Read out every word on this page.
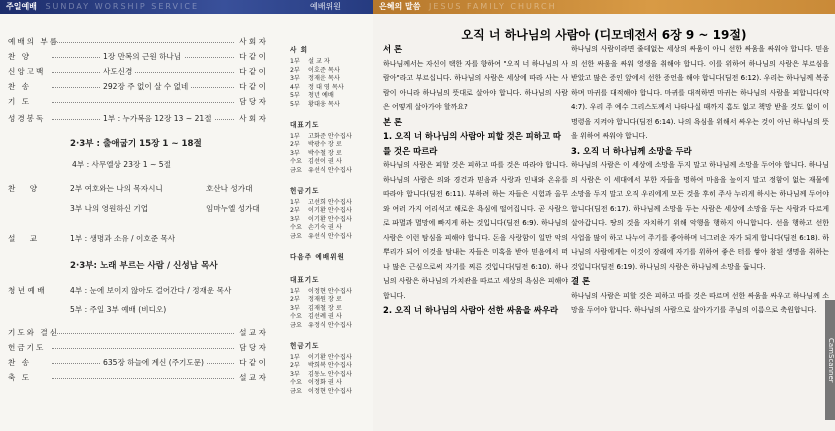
주일예배 SUNDAY WORSHIP SERVICE	예배위원
예배의 부름	사 회 자
찬 양	1장 만복의 근원 하나님	다 같 이
신앙고백	사도신경	다 같 이
찬 송	292장 주 없이 살 수 없네	다 같 이
기 도	담 당 자
성경봉독	1부 : 누가복음 12장 13 ~ 21절	사 회 자
2·3부 : 출애굽기 15장 1 ~ 18절
4부 : 사무엘상 23장 1 ~ 5절
찬 양	2부 여호와는 나의 목자시니	호산나 성가대
3부 나의 영원하신 기업	임마누엘 성가대
설 교	1부 : 생명과 소유 / 이호준 목사
2·3부: 노래 부르는 사람 / 신성남 목사
청 년 예 배	4부 : 눈에 보이지 않아도 걸어간다 / 정재운 목사
5부 : 주일 3부 예배 (비디오)
기도와 결신	설 교 자
헌금기도	담 당 자
찬 송	635장 하늘에 계신 (주기도문)	다 같 이
축 도	설 교 자
사 회
1부 설 교 자
2부 이호준 목사
3부 정재운 목사
4부 정 대 영 목사
5부 청년 예배
5부 황대웅 목사
대표기도
1부 고화준 안수집사
2부 박광수 장 로
3부 박수철 장 로
수요 김선이 권 사
금요 유선식 안수집사
헌금기도
1부 고선희 안수집사
2부 이기환 안수집사
3부 이기환 안수집사
수요 손기숙 권 사
금요 유선식 안수집사
다음주 예배위원
대표기도
1부 이정현 안수집사
2부 정재원 장 로
3부 김재철 장 로
수요 김선례 권 사
금요 유정식 안수집사
헌금기도
1부 이기환 안수집사
2부 박희복 안수집사
3부 김동노 안수집사
수요 이정화 권 사
금요 이정현 안수집사
은혜의 말씀 JESUS FAMILY CHURCH
오직 너 하나님의 사람아 (디모데전서 6장 9 ~ 19절)
서 론
하나님께서는 자신이 택한 자를 향하여 "오직 너 하나님의 사람아"라고 부르십니다. 하나님의 사람은 세상에 따라 사는 사람이 아니라 하나님의 뜻대로 살아야 합니다. 하나님의 사람은 어떻게 살아가야 할까요?
본 론
1. 오직 너 하나님의 사람아 피할 것은 피하고 따를 것은 따르라
하나님의 사람은 피할 것은 피하고 따를 것은 따라야 합니다. 하나님의 사람은 의와 경건과 믿음과 사랑과 인내와 온유를 따라야 합니다(딤전 6:11). 부하려 하는 자들은 시험과 올무와 여러 가지 어리석고 해로운 욕심에 떨어집니다. 곧 사람으로 파멸과 멸망에 빠지게 하는 것입니다(딤전 6:9). 하나님의 사람은 이런 탐심을 피해야 합니다. 돈을 사랑함이 일만 악의 뿌리가 되어 이것을 탐내는 자들은 미혹을 받아 믿음에서 떠나 많은 근심으로써 자기를 찌른 것입니다(딤전 6:10). 하나님의 사람은 하나님의 가치관을 따르고 세상의 욕심은 피해야 합니다.
2. 오직 너 하나님의 사람아 선한 싸움을 싸우라
하나님의 사람이라면 줄데없는 세상의 싸움이 아니 선한 싸움을 싸워야 합니다. 믿음의 선한 싸움을 싸워 영생을 취해야 합니다. 이를 위하여 하나님의 사람은 부르심을 받았고 많은 증인 앞에서 선한 증언을 해야 합니다(딤전 6:12). 우리는 하나님께 복종하며 마귀를 대적해야 합니다. 마귀를 대적하면 마귀는 하나님의 사람을 피합니다(약 4:7). 우리 주 예수 그리스도께서 나타나실 때까지 흠도 없고 책망 받을 것도 없이 이 명령을 지켜야 합니다(딤전 6:14). 나의 욕심을 위해서 싸우는 것이 아닌 하나님의 뜻을 위하여 싸워야 합니다.
3. 오직 너 하나님께 소망을 두라
하나님의 사람은 이 세상에 소망을 두지 말고 하나님께 소망을 두어야 합니다. 하나님의 사람은 이 세대에서 부한 자들을 명하여 마음을 높이지 말고 정함이 없는 재물에 소망을 두지 말고 오직 우리에게 모든 것을 후히 주사 누리게 하시는 하나님께 두어야 합니다(딤전 6:17). 하나님께 소망을 두는 사람은 세상에 소망을 두는 사람과 다르게 살아갑니다. 땅의 것을 자치하기 위해 악행을 행하지 아니합니다. 선을 행하고 선한 사업을 많이 하고 나누어 주기를 좋아하며 너그러운 자가 되게 합니다(딤전 6:18). 하나님의 사람에게는 이것이 장래에 자기를 위하여 좋은 터를 쌓아 참된 생명을 취하는 것입니다(딤전 6:19). 하나님의 사람은 하나님께 소망을 둡니다.
결 론
하나님의 사람은 피할 것은 피하고 따를 것은 따르며 선한 싸움을 싸우고 하나님께 소망을 두어야 합니다. 하나님의 사람으로 살아가기를 주님의 이름으로 축원합니다.
CamScanner
